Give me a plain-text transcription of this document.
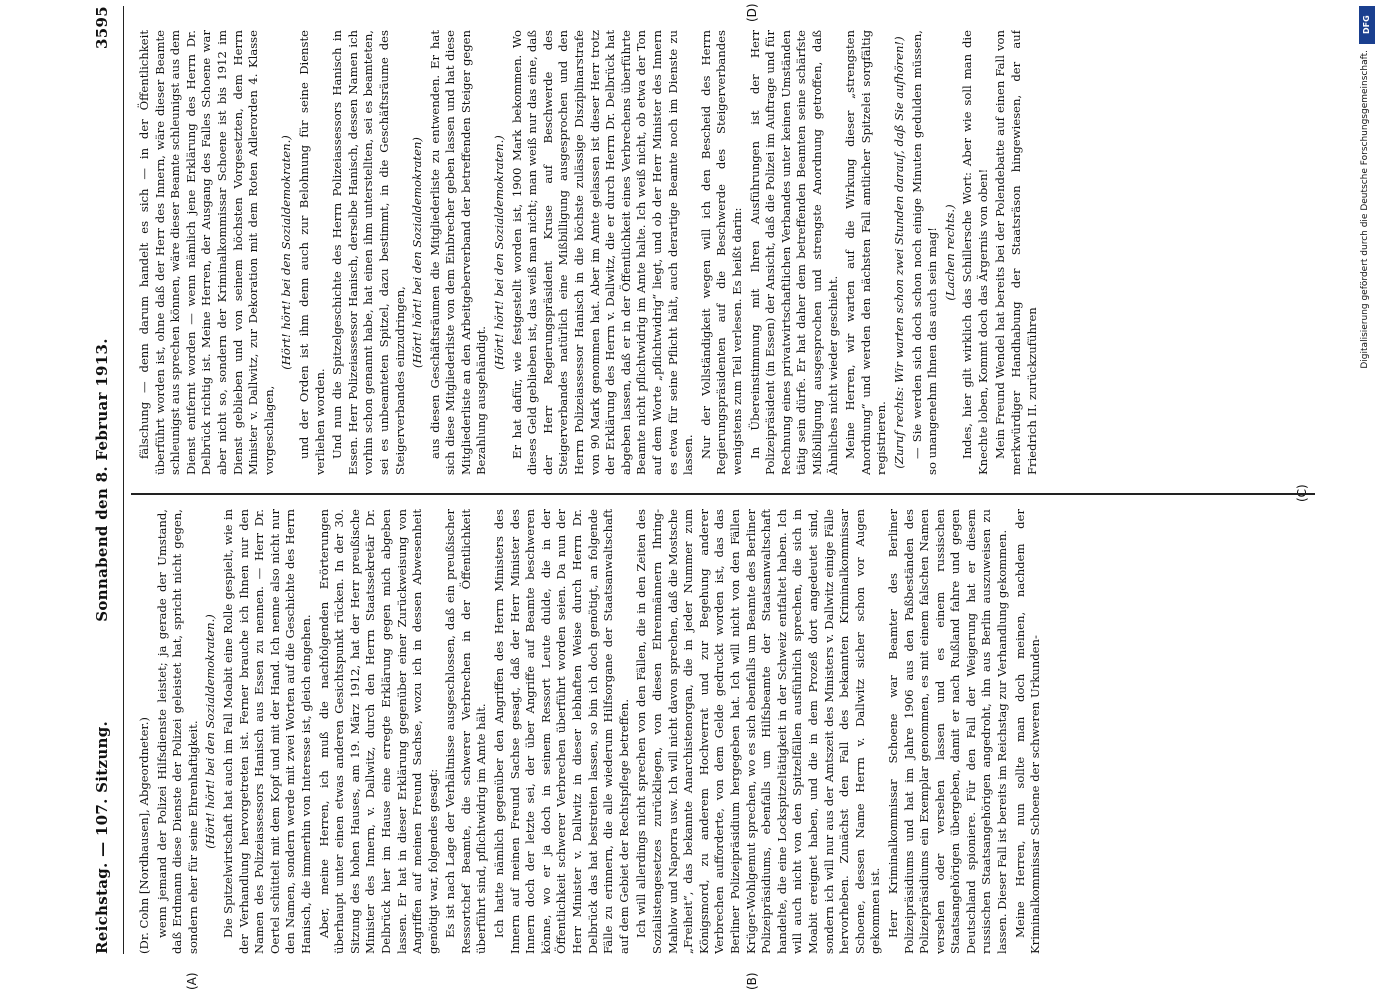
Reichstag. — 107. Sitzung.
Sonnabend den 8. Februar 1913.
3595
(A)	(B)
(D)

(Dr. Cohn [Nordhausen], Abgeordneter.) wenn jemand der Polizei Hilfsdienste leistet; ja gerade der Umstand, daß Erdmann diese Dienste der Polizei geleistet hat, spricht nicht gegen, sondern eher für seine Ehrenhaftigkeit. (Hört! hört! bei den Sozialdemokraten.) Die Spitzelwirtschaft hat auch im Fall Moabit eine Rolle gespielt, wie in der Verhandlung hervorgetreten ist. Ferner brauche ich Ihnen nur den Namen des Polizeiassessors Hanisch aus Essen zu nennen. — Herr Dr. Oertel schüttelt mit dem Kopf und mit der Hand. Ich nenne also nicht nur den Namen, sondern werde mit zwei Worten auf die Geschichte des Herrn Hanisch, die immerhin von Interesse ist, gleich eingehen. Aber, meine Herren, ich muß die nachfolgenden Erörterungen überhaupt unter einen etwas anderen Gesichtspunkt rücken. In der 30. Sitzung des hohen Hauses, am 19. März 1912, hat der Herr preußische Minister des Innern, v. Dallwitz, durch den Herrn Staatssekretär Dr. Delbrück hier im Hause eine erregte Erklärung gegen mich abgeben lassen. Er hat in dieser Erklärung gegenüber einer Zurückweisung von Angriffen auf meinen Freund Sachse, wozu ich in dessen Abwesenheit genötigt war, folgendes gesagt: Es ist nach Lage der Verhältnisse ausgeschlossen, daß ein preußischer Ressortchef Beamte, die schwerer Verbrechen in der Öffentlichkeit überführt sind, pflichtwidrig im Amte hält. Ich hatte nämlich gegenüber den Angriffen des Herrn Ministers des Innern auf meinen Freund Sachse gesagt, daß der Herr Minister des Innern doch der letzte sei, der über Angriffe auf Beamte beschweren könne, wo er ja doch in seinem Ressort Leute dulde, die in der Öffentlichkeit schwerer Verbrechen überführt worden seien. Da nun der Herr Minister v. Dallwitz in dieser lebhaften Weise durch Herrn Dr. Delbrück das hat bestreiten lassen, so bin ich doch genötigt, an folgende Fälle zu erinnern, die alle wiederum Hilfsorgane der Staatsanwaltschaft auf dem Gebiet der Rechtspflege betreffen. Ich will allerdings nicht sprechen von den Fällen, die in den Zeiten des Sozialistengesetzes zurückliegen, von diesen Ehrenmännern Ihring-Mahlow und Naporra usw. Ich will nicht davon sprechen, daß die Mostsche „Freiheit“, das bekannte Anarchistenorgan, die in jeder Nummer zum Königsmord, zu anderem Hochverrat und zur Begehung anderer Verbrechen aufforderte, von dem Gelde gedruckt worden ist, das das Berliner Polizeipräsidium hergegeben hat. Ich will nicht von den Fällen Krüger-Wohlgemut sprechen, wo es sich ebenfalls um Beamte des Berliner Polizeipräsidiums, ebenfalls um Hilfsbeamte der Staatsanwaltschaft handelte, die eine Lockspitzeltätigkeit in der Schweiz entfaltet haben. Ich will auch nicht von den Spitzelfällen ausführlich sprechen, die sich in Moabit ereignet haben, und die in dem Prozeß dort angedeutet sind, sondern ich will nur aus der Amtszeit des Ministers v. Dallwitz einige Fälle hervorheben. Zunächst den Fall des bekannten Kriminalkommissar Schoene, dessen Name Herrn v. Dallwitz sicher schon vor Augen gekommen ist. Herr Kriminalkommissar Schoene war Beamter des Berliner Polizeipräsidiums und hat im Jahre 1906 aus den Paßbeständen des Polizeipräsidiums ein Exemplar genommen, es mit einem falschen Namen versehen oder versehen lassen und es einem russischen Staatsangehörigen übergeben, damit er nach Rußland fahre und gegen Deutschland spioniere. Für den Fall der Weigerung hat er diesem russischen Staatsangehörigen angedroht, ihn aus Berlin auszuweisen zu lassen. Dieser Fall ist bereits im Reichstag zur Verhandlung gekommen. Meine Herren, nun sollte man doch meinen, nachdem der Kriminalkommissar Schoene der schweren Urkunden-

fälschung — denn darum handelt es sich — in der Öffentlichkeit überführt worden ist, ohne daß der Herr des Innern, wäre dieser Beamte schleunigst aus sprechen können, wäre dieser Beamte schleunigst aus dem Dienst entfernt worden — wenn nämlich jene Erklärung des Herrn Dr. Delbrück richtig ist. Meine Herren, der Ausgang des Falles Schoene war aber nicht so, sondern der Kriminalkommissar Schoene ist bis 1912 im Dienst geblieben und von seinem höchsten Vorgesetzten, dem Herrn Minister v. Dallwitz, zur Dekoration mit dem Roten Adlerorden 4. Klasse vorgeschlagen,

(Hört! hört! bei den Sozialdemokraten.) und der Orden ist ihm denn auch zur Belohnung für seine Dienste verliehen worden. Und nun die Spitzelgeschichte des Herrn Polizeiassessors Hanisch in Essen. Herr Polizeiassessor Hanisch, derselbe Hanisch, dessen Namen ich vorhin schon genannt habe, hat einen ihm unterstellten, sei es beamteten, sei es unbeamteten Spitzel, dazu bestimmt, in die Geschäftsräume des Steigerverbandes einzudringen,

(Hört! hört! bei den Sozialdemokraten) aus diesen Geschäftsräumen die Mitgliederliste zu entwenden. Er hat sich diese Mitgliederliste von dem Einbrecher geben lassen und hat diese Mitgliederliste an den Arbeitgeberverband der betreffenden Steiger gegen Bezahlung ausgehändigt.

(Hört! hört! bei den Sozialdemokraten.) Er hat dafür, wie festgestellt worden ist, 1900 Mark bekommen. Wo dieses Geld geblieben ist, das weiß man nicht; man weiß nur das eine, daß der Herr Regierungspräsident Kruse auf Beschwerde des Steigerverbandes natürlich eine Mißbilligung ausgesprochen und den Herrn Polizeiassessor Hanisch in die höchste zulässige Disziplinarstrafe von 90 Mark genommen hat. Aber im Amte gelassen ist dieser Herr trotz der Erklärung des Herrn v. Dallwitz, die er durch Herrn Dr. Delbrück hat abgeben lassen, daß er in der Öffentlichkeit eines Verbrechens überführte Beamte nicht pflichtwidrig im Amte halte. Ich weiß nicht, ob etwa der Ton auf dem Worte „pflichtwidrig“ liegt, und ob der Herr Minister des Innern es etwa für seine Pflicht hält, auch derartige Beamte noch im Dienste zu lassen. Nur der Vollständigkeit wegen will ich den Bescheid des Herrn Regierungspräsidenten auf die Beschwerde des Steigerverbandes wenigstens zum Teil verlesen. Es heißt darin: In Übereinstimmung mit Ihren Ausführungen ist der Herr Polizeipräsident (in Essen) der Ansicht, daß die Polizei im Auftrage und für Rechnung eines privatwirtschaftlichen Verbandes unter keinen Umständen tätig sein dürfe. Er hat daher dem betreffenden Beamten seine schärfste Mißbilligung ausgesprochen und strengste Anordnung getroffen, daß Ähnliches nicht wieder geschieht. Meine Herren, wir warten auf die Wirkung dieser „strengsten Anordnung“ und werden den nächsten Fall amtlicher Spitzelei sorgfältig registrieren. (Zuruf rechts: Wir warten schon zwei Stunden darauf, daß Sie aufhören!) — Sie werden sich doch schon noch einige Minuten gedulden müssen, so unangenehm Ihnen das auch sein mag! (Lachen rechts.) Indes, hier gilt wirklich das Schillersche Wort: Aber wie soll man die Knechte loben, Kommt doch das Ärgernis von oben! Mein Freund Wendel hat bereits bei der Polendebatte auf einen Fall von merkwürdiger Handhabung der Staatsräson hingewiesen, der auf Friedrich II. zurückzuführen

DFG
Digitalisierung gefördert durch die Deutsche Forschungsgemeinschaft.
